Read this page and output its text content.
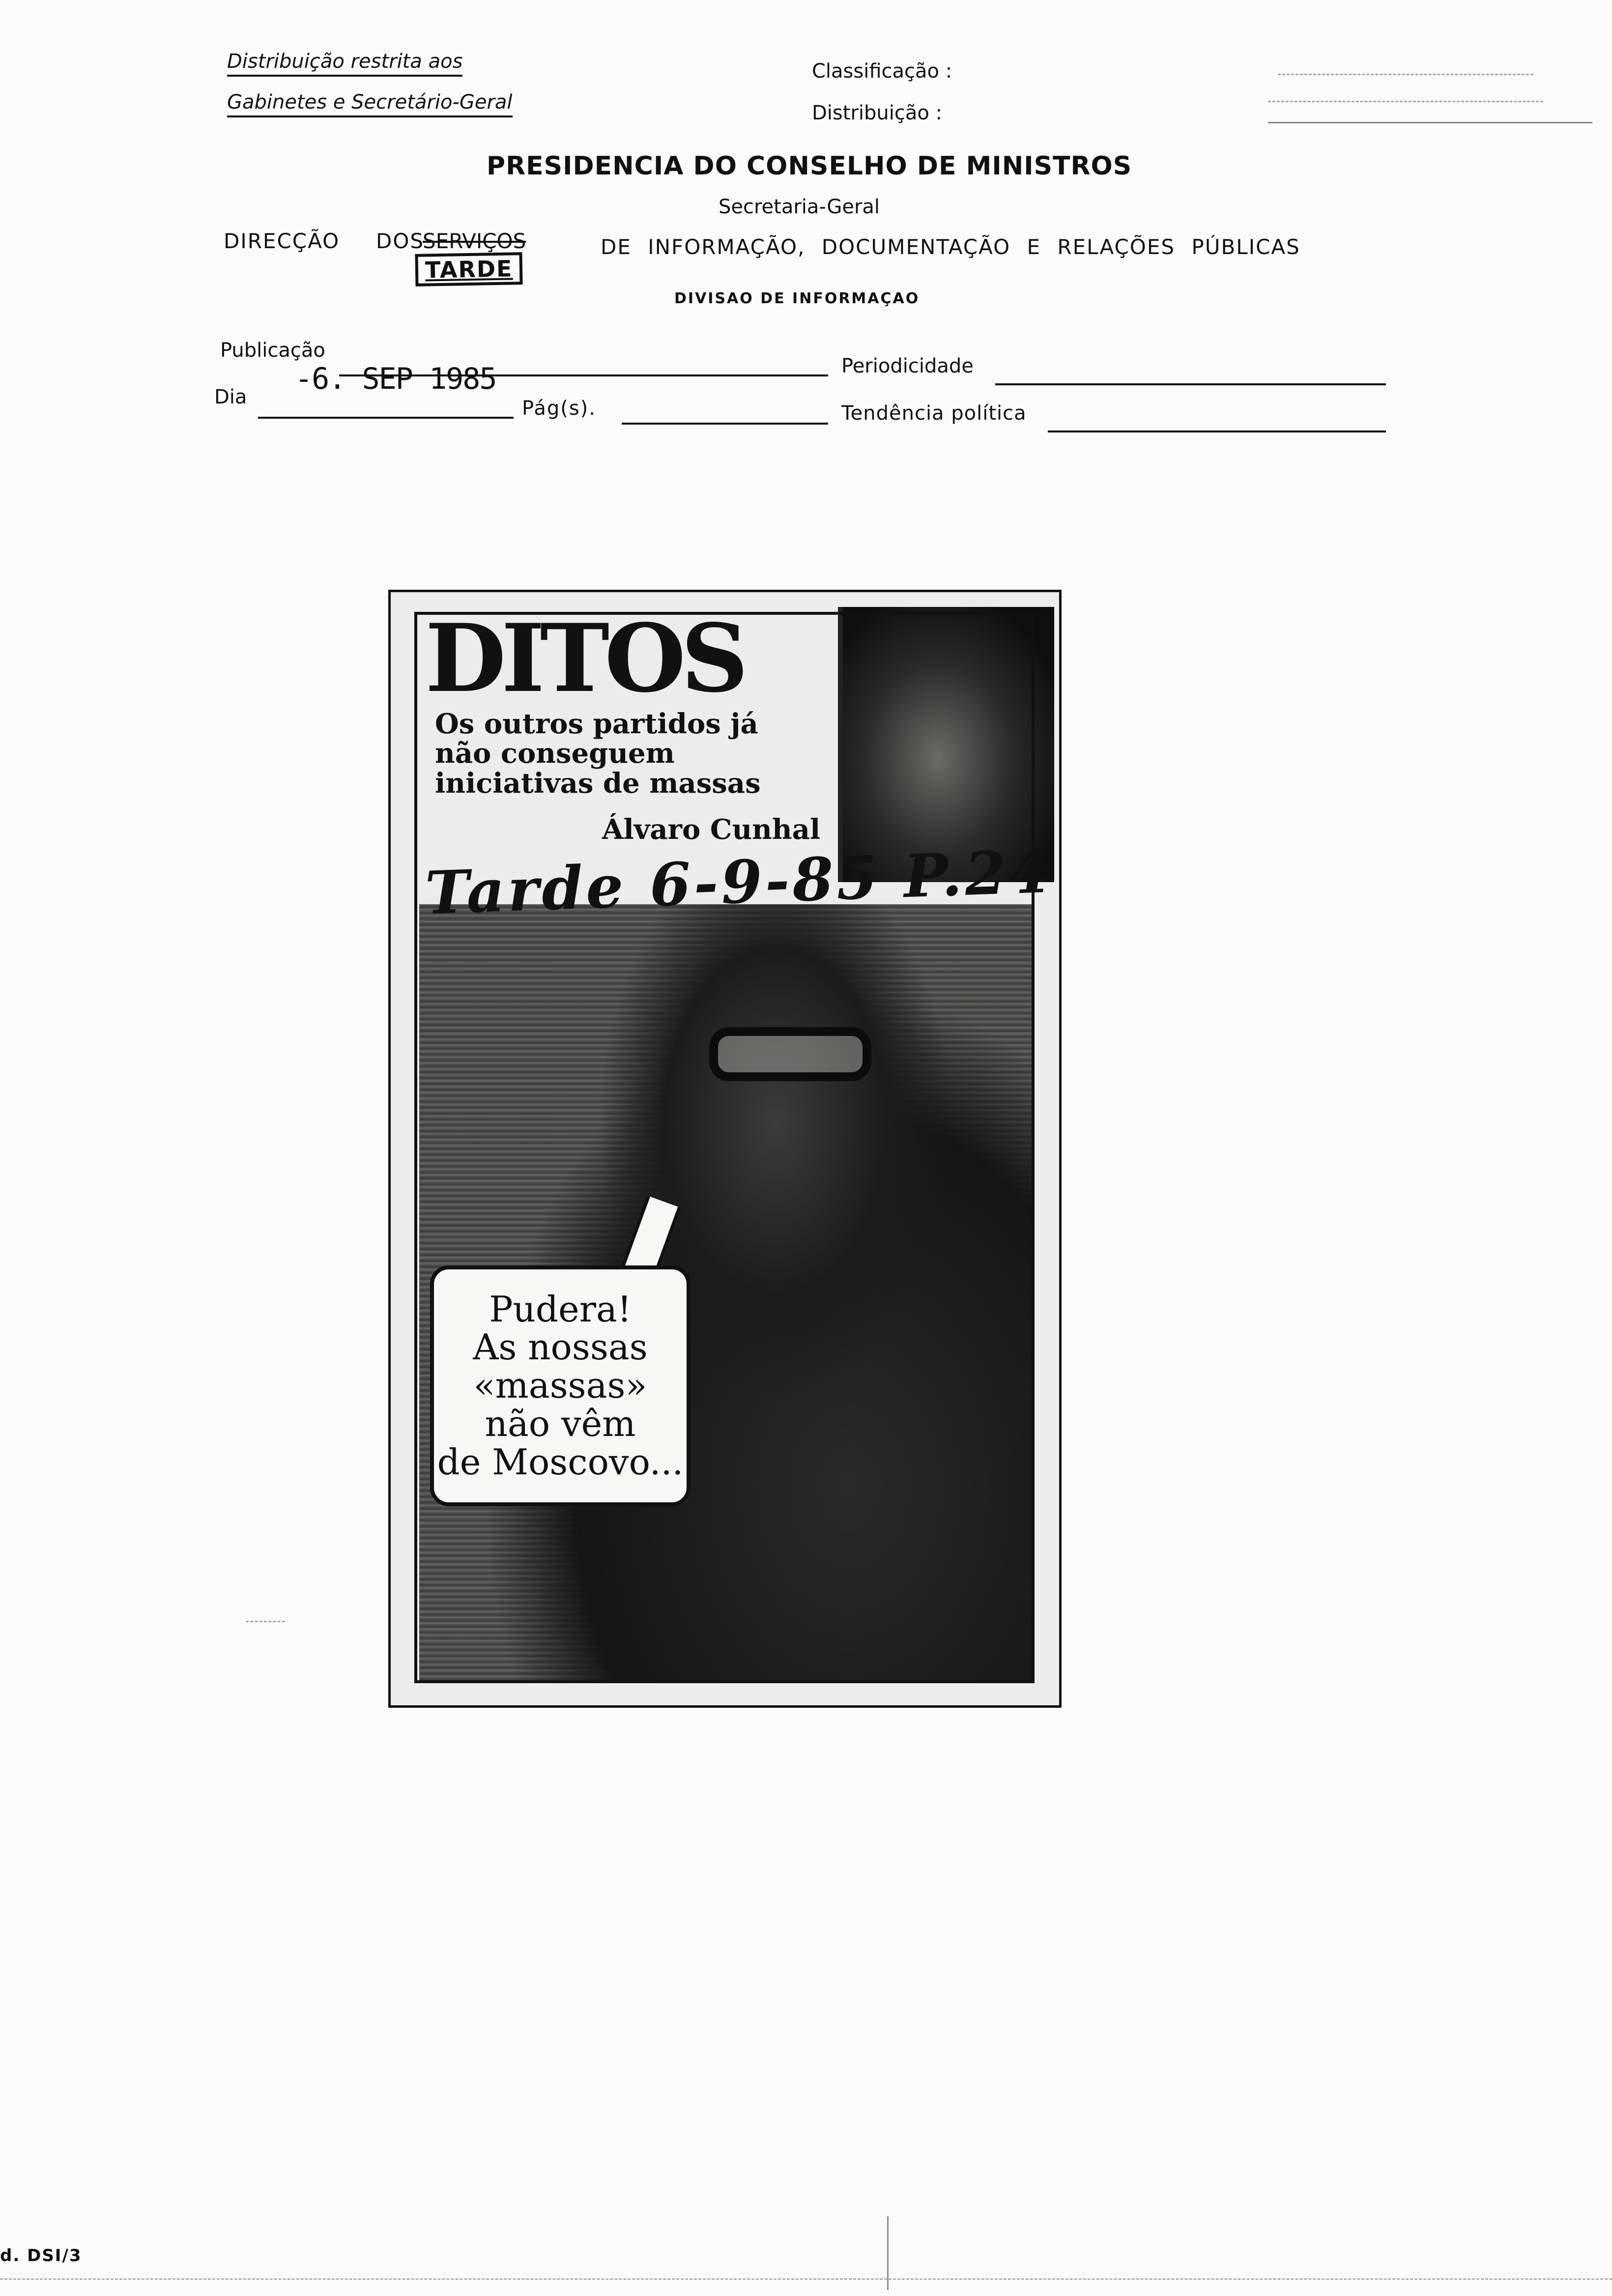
Distribuição restrita aos
Gabinetes e Secretário-Geral
Classificação :
Distribuição :
PRESIDENCIA DO CONSELHO DE MINISTROS
Secretaria-Geral
DIRECÇÃO DOS
SERVIÇOS
TARDE
DE INFORMAÇÃO, DOCUMENTAÇÃO E RELAÇÕES PÚBLICAS
DIVISAO DE INFORMAÇAO
Publicação
-6. SEP 1985	Periodicidade
Dia	Pág(s).	Tendência política
DITOS
Os outros partidos já não conseguem iniciativas de massas
Álvaro Cunhal
Tarde 6-9-85 P.24
Pudera!
As nossas
«massas»
não vêm
de Moscovo...
d. DSI/3
